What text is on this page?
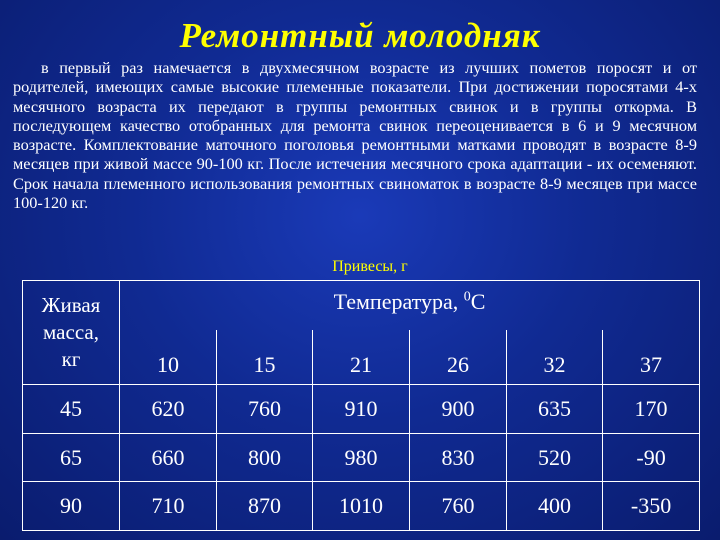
Ремонтный молодняк
в первый раз намечается в двухмесячном возрасте из лучших пометов поросят и от родителей, имеющих самые высокие племенные показатели. При достижении поросятами 4-х месячного возраста их передают в группы ремонтных свинок и в группы откорма. В последующем качество отобранных для ремонта свинок переоценивается в 6 и 9 месячном возрасте. Комплектование маточного поголовья ремонтными матками проводят в возрасте 8-9 месяцев при живой массе 90-100 кг. После истечения месячного срока адаптации - их осеменяют. Срок начала племенного использования ремонтных свиноматок в возрасте 8-9 месяцев при массе 100-120 кг.
Привесы, г
Живая
масса,
кг	Температура, $^0$С					
	10	15	21	26	32	37
45	620	760	910	900	635	170
65	660	800	980	830	520	-90
90	710	870	1010	760	400	-350
